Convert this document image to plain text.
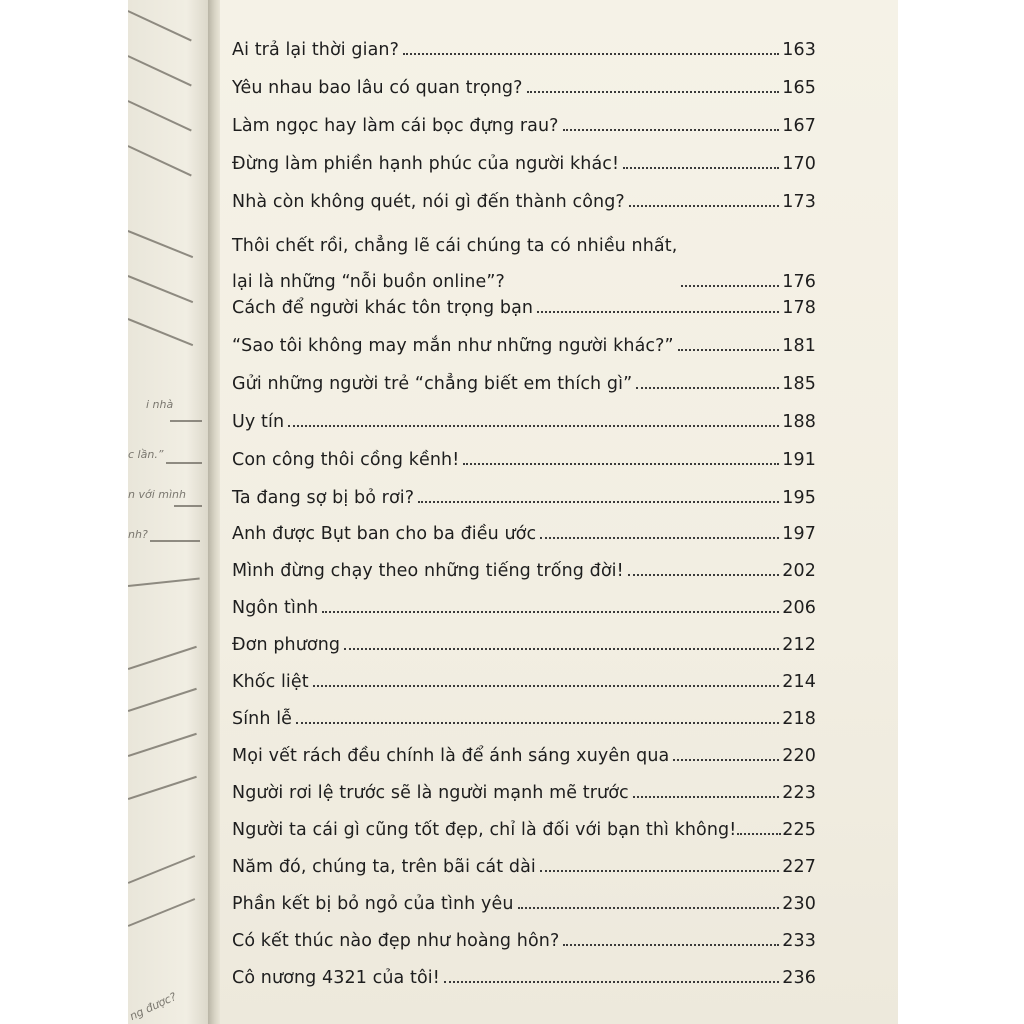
i nhà
c lần.”
n với mình
nh?
ng được?
Ai trả lại thời gian?	163
Yêu nhau bao lâu có quan trọng?	165
Làm ngọc hay làm cái bọc đựng rau?	167
Đừng làm phiền hạnh phúc của người khác!	170
Nhà còn không quét, nói gì đến thành công?	173
Thôi chết rồi, chẳng lẽ cái chúng ta có nhiều nhất,
lại là những “nỗi buồn online”?	176
Cách để người khác tôn trọng bạn	178
“Sao tôi không may mắn như những người khác?”	181
Gửi những người trẻ “chẳng biết em thích gì”	185
Uy tín	188
Con công thôi cồng kềnh!	191
Ta đang sợ bị bỏ rơi?	195
Anh được Bụt ban cho ba điều ước	197
Mình đừng chạy theo những tiếng trống đời!	202
Ngôn tình	206
Đơn phương	212
Khốc liệt	214
Sính lễ	218
Mọi vết rách đều chính là để ánh sáng xuyên qua	220
Người rơi lệ trước sẽ là người mạnh mẽ trước	223
Người ta cái gì cũng tốt đẹp, chỉ là đối với bạn thì không!	225
Năm đó, chúng ta, trên bãi cát dài	227
Phần kết bị bỏ ngỏ của tình yêu	230
Có kết thúc nào đẹp như hoàng hôn?	233
Cô nương 4321 của tôi!	236
